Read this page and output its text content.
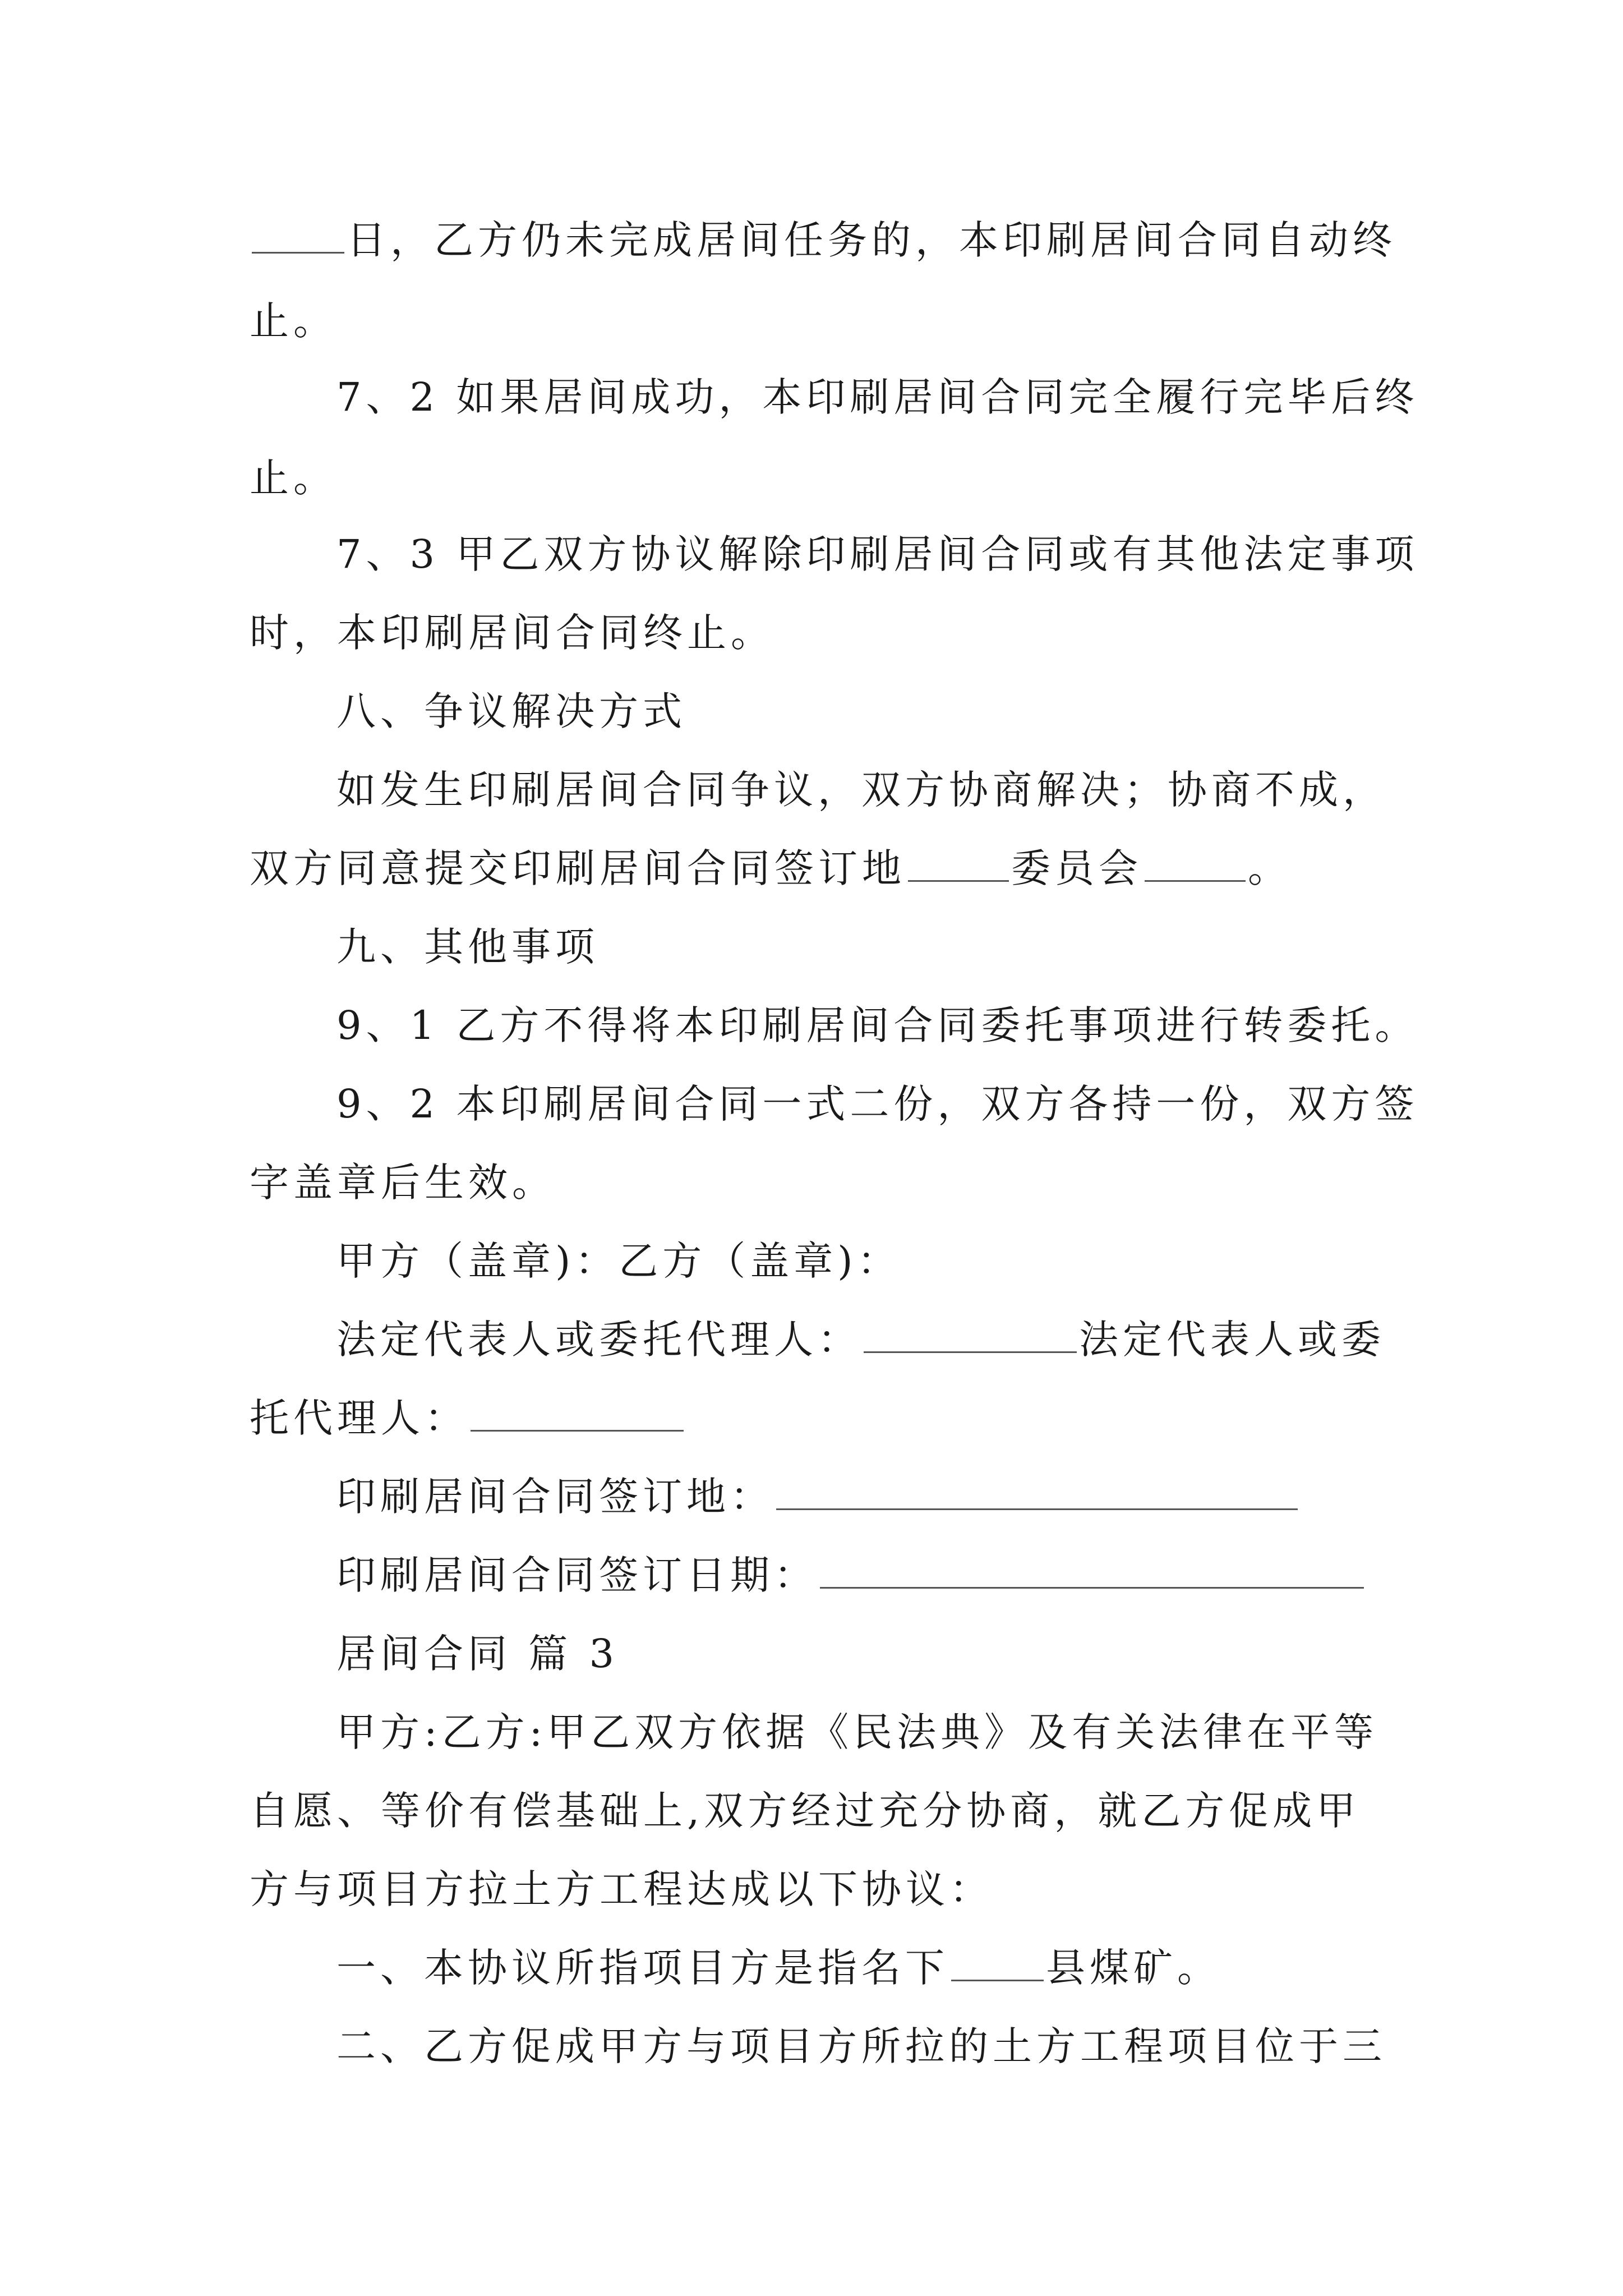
日，乙方仍未完成居间任务的，本印刷居间合同自动终
止。
7、2 如果居间成功，本印刷居间合同完全履行完毕后终
止。
7、3 甲乙双方协议解除印刷居间合同或有其他法定事项
时，本印刷居间合同终止。
八、争议解决方式
如发生印刷居间合同争议，双方协商解决；协商不成，
双方同意提交印刷居间合同签订地	委员会	。
九、其他事项
9、1 乙方不得将本印刷居间合同委托事项进行转委托。
9、2 本印刷居间合同一式二份，双方各持一份，双方签
字盖章后生效。
甲方（盖章)：乙方（盖章)：
法定代表人或委托代理人：	法定代表人或委
托代理人：
印刷居间合同签订地：
印刷居间合同签订日期：
居间合同 篇 3
甲方:乙方:甲乙双方依据《民法典》及有关法律在平等
自愿、等价有偿基础上,双方经过充分协商，就乙方促成甲
方与项目方拉土方工程达成以下协议：
一、本协议所指项目方是指名下 县煤矿。
二、乙方促成甲方与项目方所拉的土方工程项目位于三
